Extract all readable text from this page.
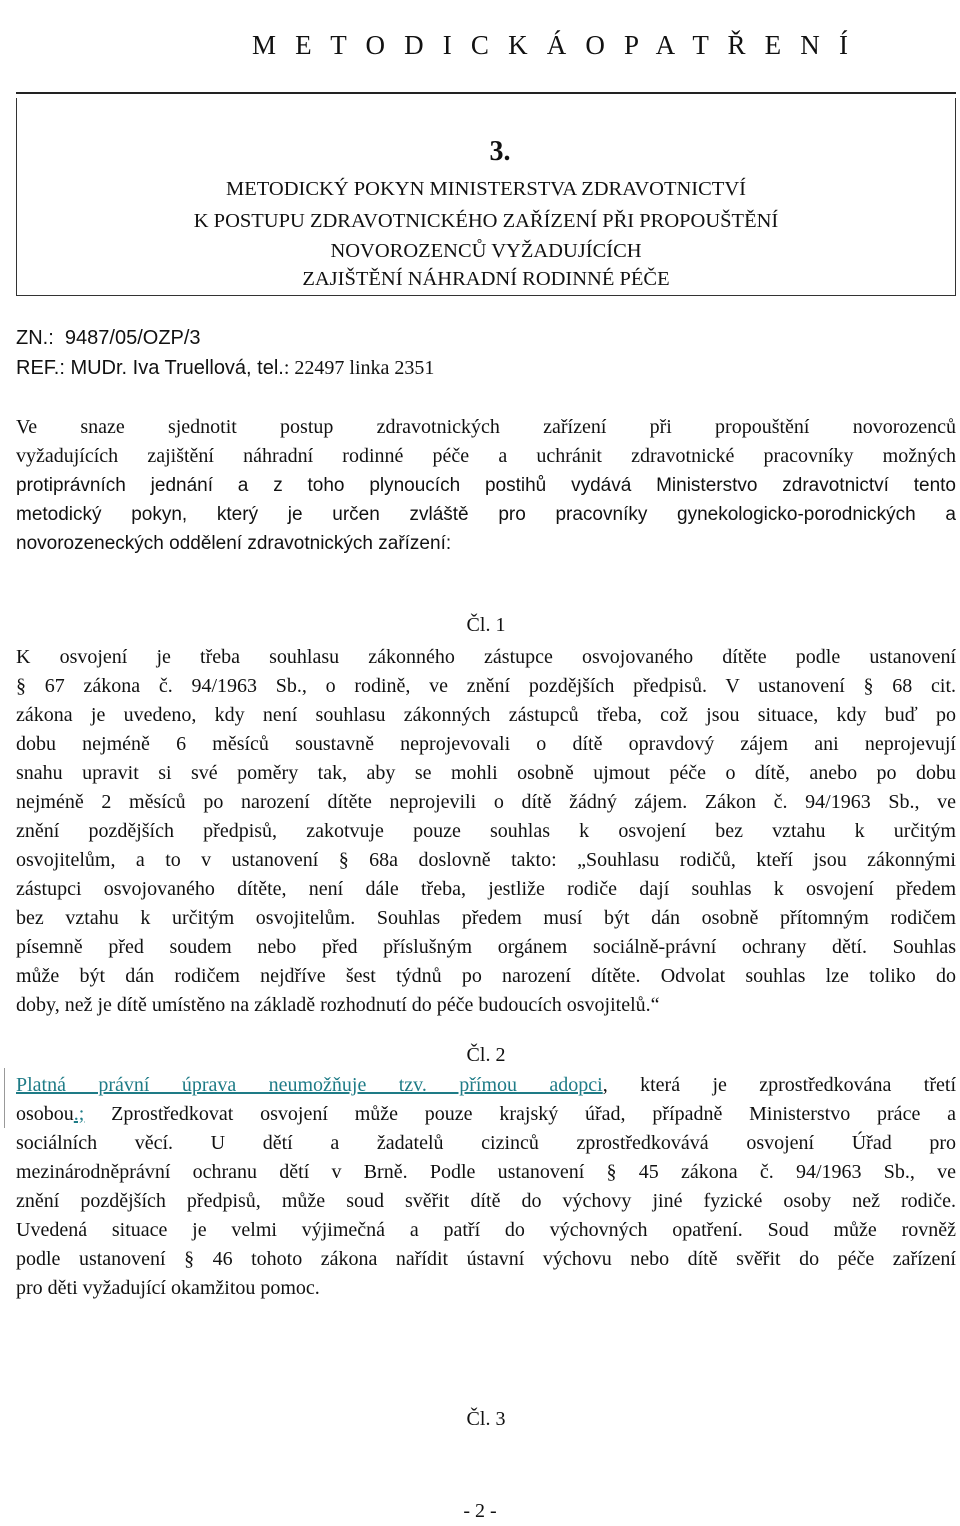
M E T O D I C K Á O P A T Ř E N Í
3.
METODICKÝ POKYN MINISTERSTVA ZDRAVOTNICTVÍ
K POSTUPU ZDRAVOTNICKÉHO ZAŘÍZENÍ PŘI PROPOUŠTĚNÍ
NOVOROZENCŮ VYŽADUJÍCÍCH
ZAJIŠTĚNÍ NÁHRADNÍ RODINNÉ PÉČE
ZN.: 9487/05/OZP/3
REF.: MUDr. Iva Truellová, tel.: 22497 linka 2351
Ve snaze sjednotit postup zdravotnických zařízení při propouštění novorozenců
vyžadujících zajištění náhradní rodinné péče a uchránit zdravotnické pracovníky možných
protiprávních jednání a z toho plynoucích postihů vydává Ministerstvo zdravotnictví tento
metodický pokyn, který je určen zvláště pro pracovníky gynekologicko-porodnických a
novorozeneckých oddělení zdravotnických zařízení:
Čl. 1
K osvojení je třeba souhlasu zákonného zástupce osvojovaného dítěte podle ustanovení
§ 67 zákona č. 94/1963 Sb., o rodině, ve znění pozdějších předpisů. V ustanovení § 68 cit.
zákona je uvedeno, kdy není souhlasu zákonných zástupců třeba, což jsou situace, kdy buď po
dobu nejméně 6 měsíců soustavně neprojevovali o dítě opravdový zájem ani neprojevují
snahu upravit si své poměry tak, aby se mohli osobně ujmout péče o dítě, anebo po dobu
nejméně 2 měsíců po narození dítěte neprojevili o dítě žádný zájem. Zákon č. 94/1963 Sb., ve
znění pozdějších předpisů, zakotvuje pouze souhlas k osvojení bez vztahu k určitým
osvojitelům, a to v ustanovení § 68a doslovně takto: „Souhlasu rodičů, kteří jsou zákonnými
zástupci osvojovaného dítěte, není dále třeba, jestliže rodiče dají souhlas k osvojení předem
bez vztahu k určitým osvojitelům. Souhlas předem musí být dán osobně přítomným rodičem
písemně před soudem nebo před příslušným orgánem sociálně-právní ochrany dětí. Souhlas
může být dán rodičem nejdříve šest týdnů po narození dítěte. Odvolat souhlas lze toliko do
doby, než je dítě umístěno na základě rozhodnutí do péče budoucích osvojitelů.“
Čl. 2
Platná právní úprava neumožňuje tzv. přímou adopci, která je zprostředkována třetí
osobou.; Zprostředkovat osvojení může pouze krajský úřad, případně Ministerstvo práce a
sociálních věcí. U dětí a žadatelů cizinců zprostředkovává osvojení Úřad pro
mezinárodněprávní ochranu dětí v Brně. Podle ustanovení § 45 zákona č. 94/1963 Sb., ve
znění pozdějších předpisů, může soud svěřit dítě do výchovy jiné fyzické osoby než rodiče.
Uvedená situace je velmi výjimečná a patří do výchovných opatření. Soud může rovněž
podle ustanovení § 46 tohoto zákona nařídit ústavní výchovu nebo dítě svěřit do péče zařízení
pro děti vyžadující okamžitou pomoc.
Čl. 3
- 2 -
